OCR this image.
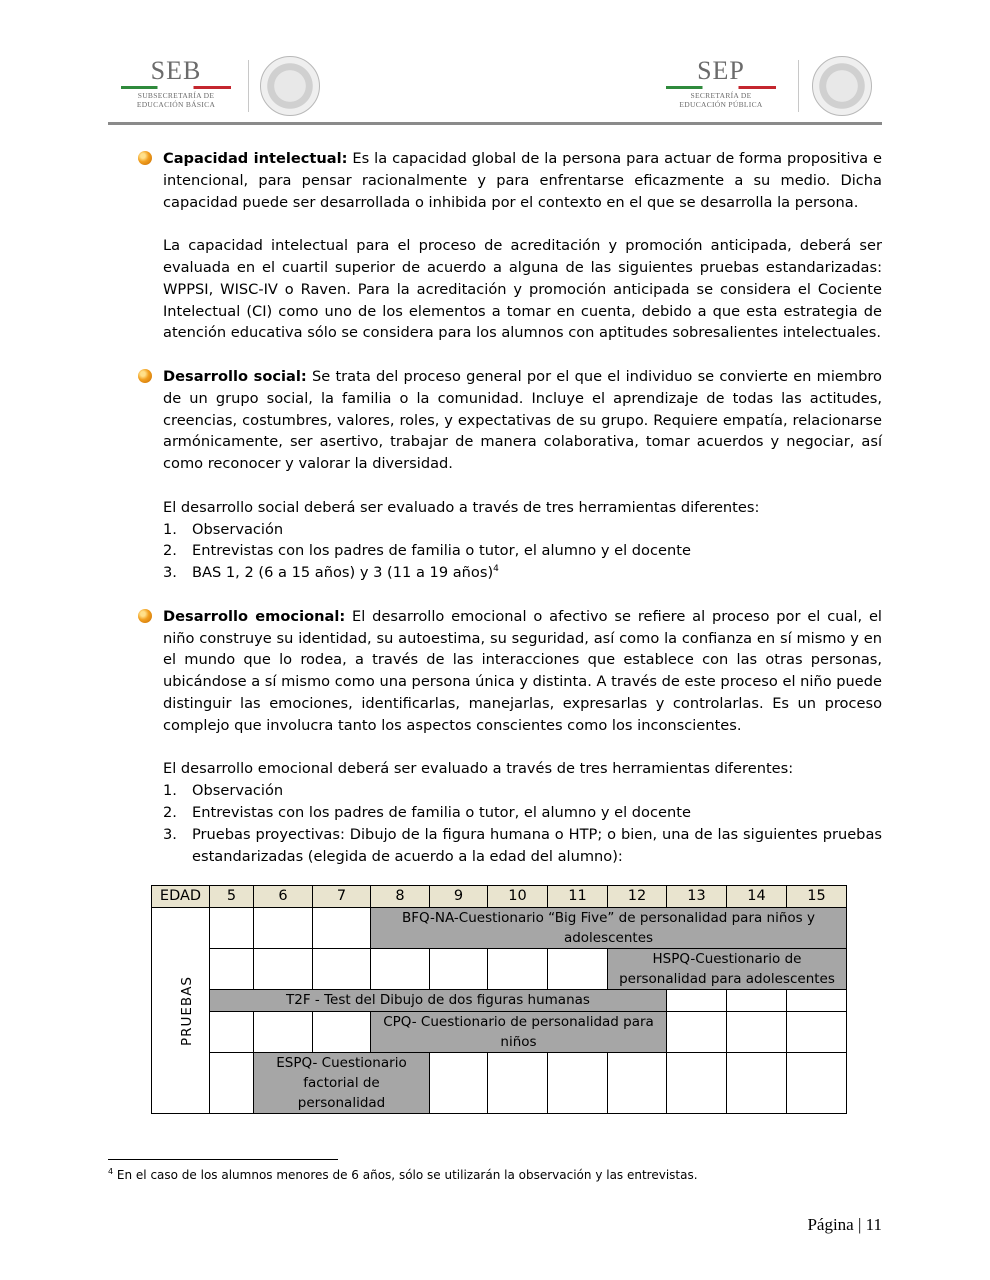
SEB
SUBSECRETARÍA DE
EDUCACIÓN BÁSICA
SEP
SECRETARÍA DE
EDUCACIÓN PÚBLICA

Capacidad intelectual: Es la capacidad global de la persona para actuar de forma propositiva e intencional, para pensar racionalmente y para enfrentarse eficazmente a su medio. Dicha capacidad puede ser desarrollada o inhibida por el contexto en el que se desarrolla la persona.

La capacidad intelectual para el proceso de acreditación y promoción anticipada, deberá ser evaluada en el cuartil superior de acuerdo a alguna de las siguientes pruebas estandarizadas: WPPSI, WISC-IV o Raven. Para la acreditación y promoción anticipada se considera el Cociente Intelectual (CI) como uno de los elementos a tomar en cuenta, debido a que esta estrategia de atención educativa sólo se considera para los alumnos con aptitudes sobresalientes intelectuales.

Desarrollo social: Se trata del proceso general por el que el individuo se convierte en miembro de un grupo social, la familia o la comunidad. Incluye el aprendizaje de todas las actitudes, creencias, costumbres, valores, roles, y expectativas de su grupo. Requiere empatía, relacionarse armónicamente, ser asertivo, trabajar de manera colaborativa, tomar acuerdos y negociar, así como reconocer y valorar la diversidad.

El desarrollo social deberá ser evaluado a través de tres herramientas diferentes:

1. Observación
2. Entrevistas con los padres de familia o tutor, el alumno y el docente
3. BAS 1, 2 (6 a 15 años) y 3 (11 a 19 años)$^4$

Desarrollo emocional: El desarrollo emocional o afectivo se refiere al proceso por el cual, el niño construye su identidad, su autoestima, su seguridad, así como la confianza en sí mismo y en el mundo que lo rodea, a través de las interacciones que establece con las otras personas, ubicándose a sí mismo como una persona única y distinta. A través de este proceso el niño puede distinguir las emociones, identificarlas, manejarlas, expresarlas y controlarlas. Es un proceso complejo que involucra tanto los aspectos conscientes como los inconscientes.

El desarrollo emocional deberá ser evaluado a través de tres herramientas diferentes:

1. Observación
2. Entrevistas con los padres de familia o tutor, el alumno y el docente
3. Pruebas proyectivas: Dibujo de la figura humana o HTP; o bien, una de las siguientes pruebas estandarizadas (elegida de acuerdo a la edad del alumno):
EDAD	5	6	7	8	9	10	11	12	13	14	15
PRUEBAS				BFQ-NA-Cuestionario “Big Five” de personalidad para niños y adolescentes							
								HSPQ-Cuestionario de personalidad para adolescentes			
	T2F - Test del Dibujo de dos figuras humanas										
				CPQ- Cuestionario de personalidad para niños							
		ESPQ- Cuestionario factorial de personalidad									
$^4$ En el caso de los alumnos menores de 6 años, sólo se utilizarán la observación y las entrevistas.
Página | 11
